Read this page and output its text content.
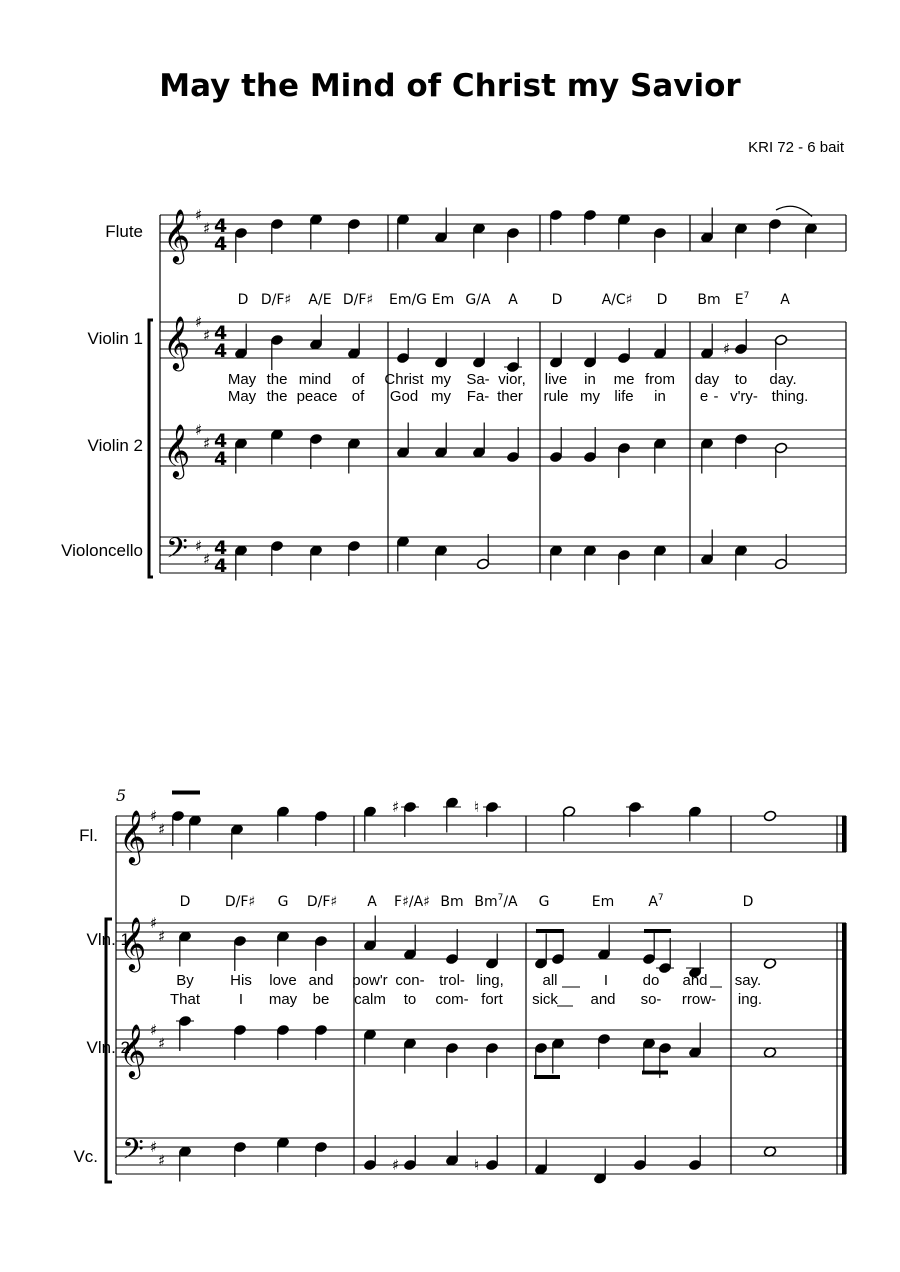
May the Mind of Christ my Savior
KRI 72 - 6 bait
5
Flute
Violin 1
Violin 2
Violoncello
Fl.
Vln. 1
Vln. 2
Vc.
𝄞 ♯
♯ 4
4
𝄞 ♯
♯ 4
4
𝄞 ♯
♯ 4
4
𝄢 ♯
♯
4
4
♯
D D/F♯ A/E D/F♯ Em/G Em G/A A D	A/C♯ D Bm $E^7$ A
May the mind of Christ my Sa- vior, live in me from day to day.
May the peace of God my Fa- ther rule my life in e - v'ry- thing.
𝄞 ♯
♯
𝄞 ♯
♯
𝄞 ♯
♯
𝄢 ♯
♯
♯	♮
♯	♮
D D/F♯ G D/F♯ A F♯/A♯ Bm Bm$^7$/A G	Em $A^7$	D
By His love and pow'r con- trol- ling,	all	I do and say.
That	I may be calm to com- fort sick and so- rrow- ing.
